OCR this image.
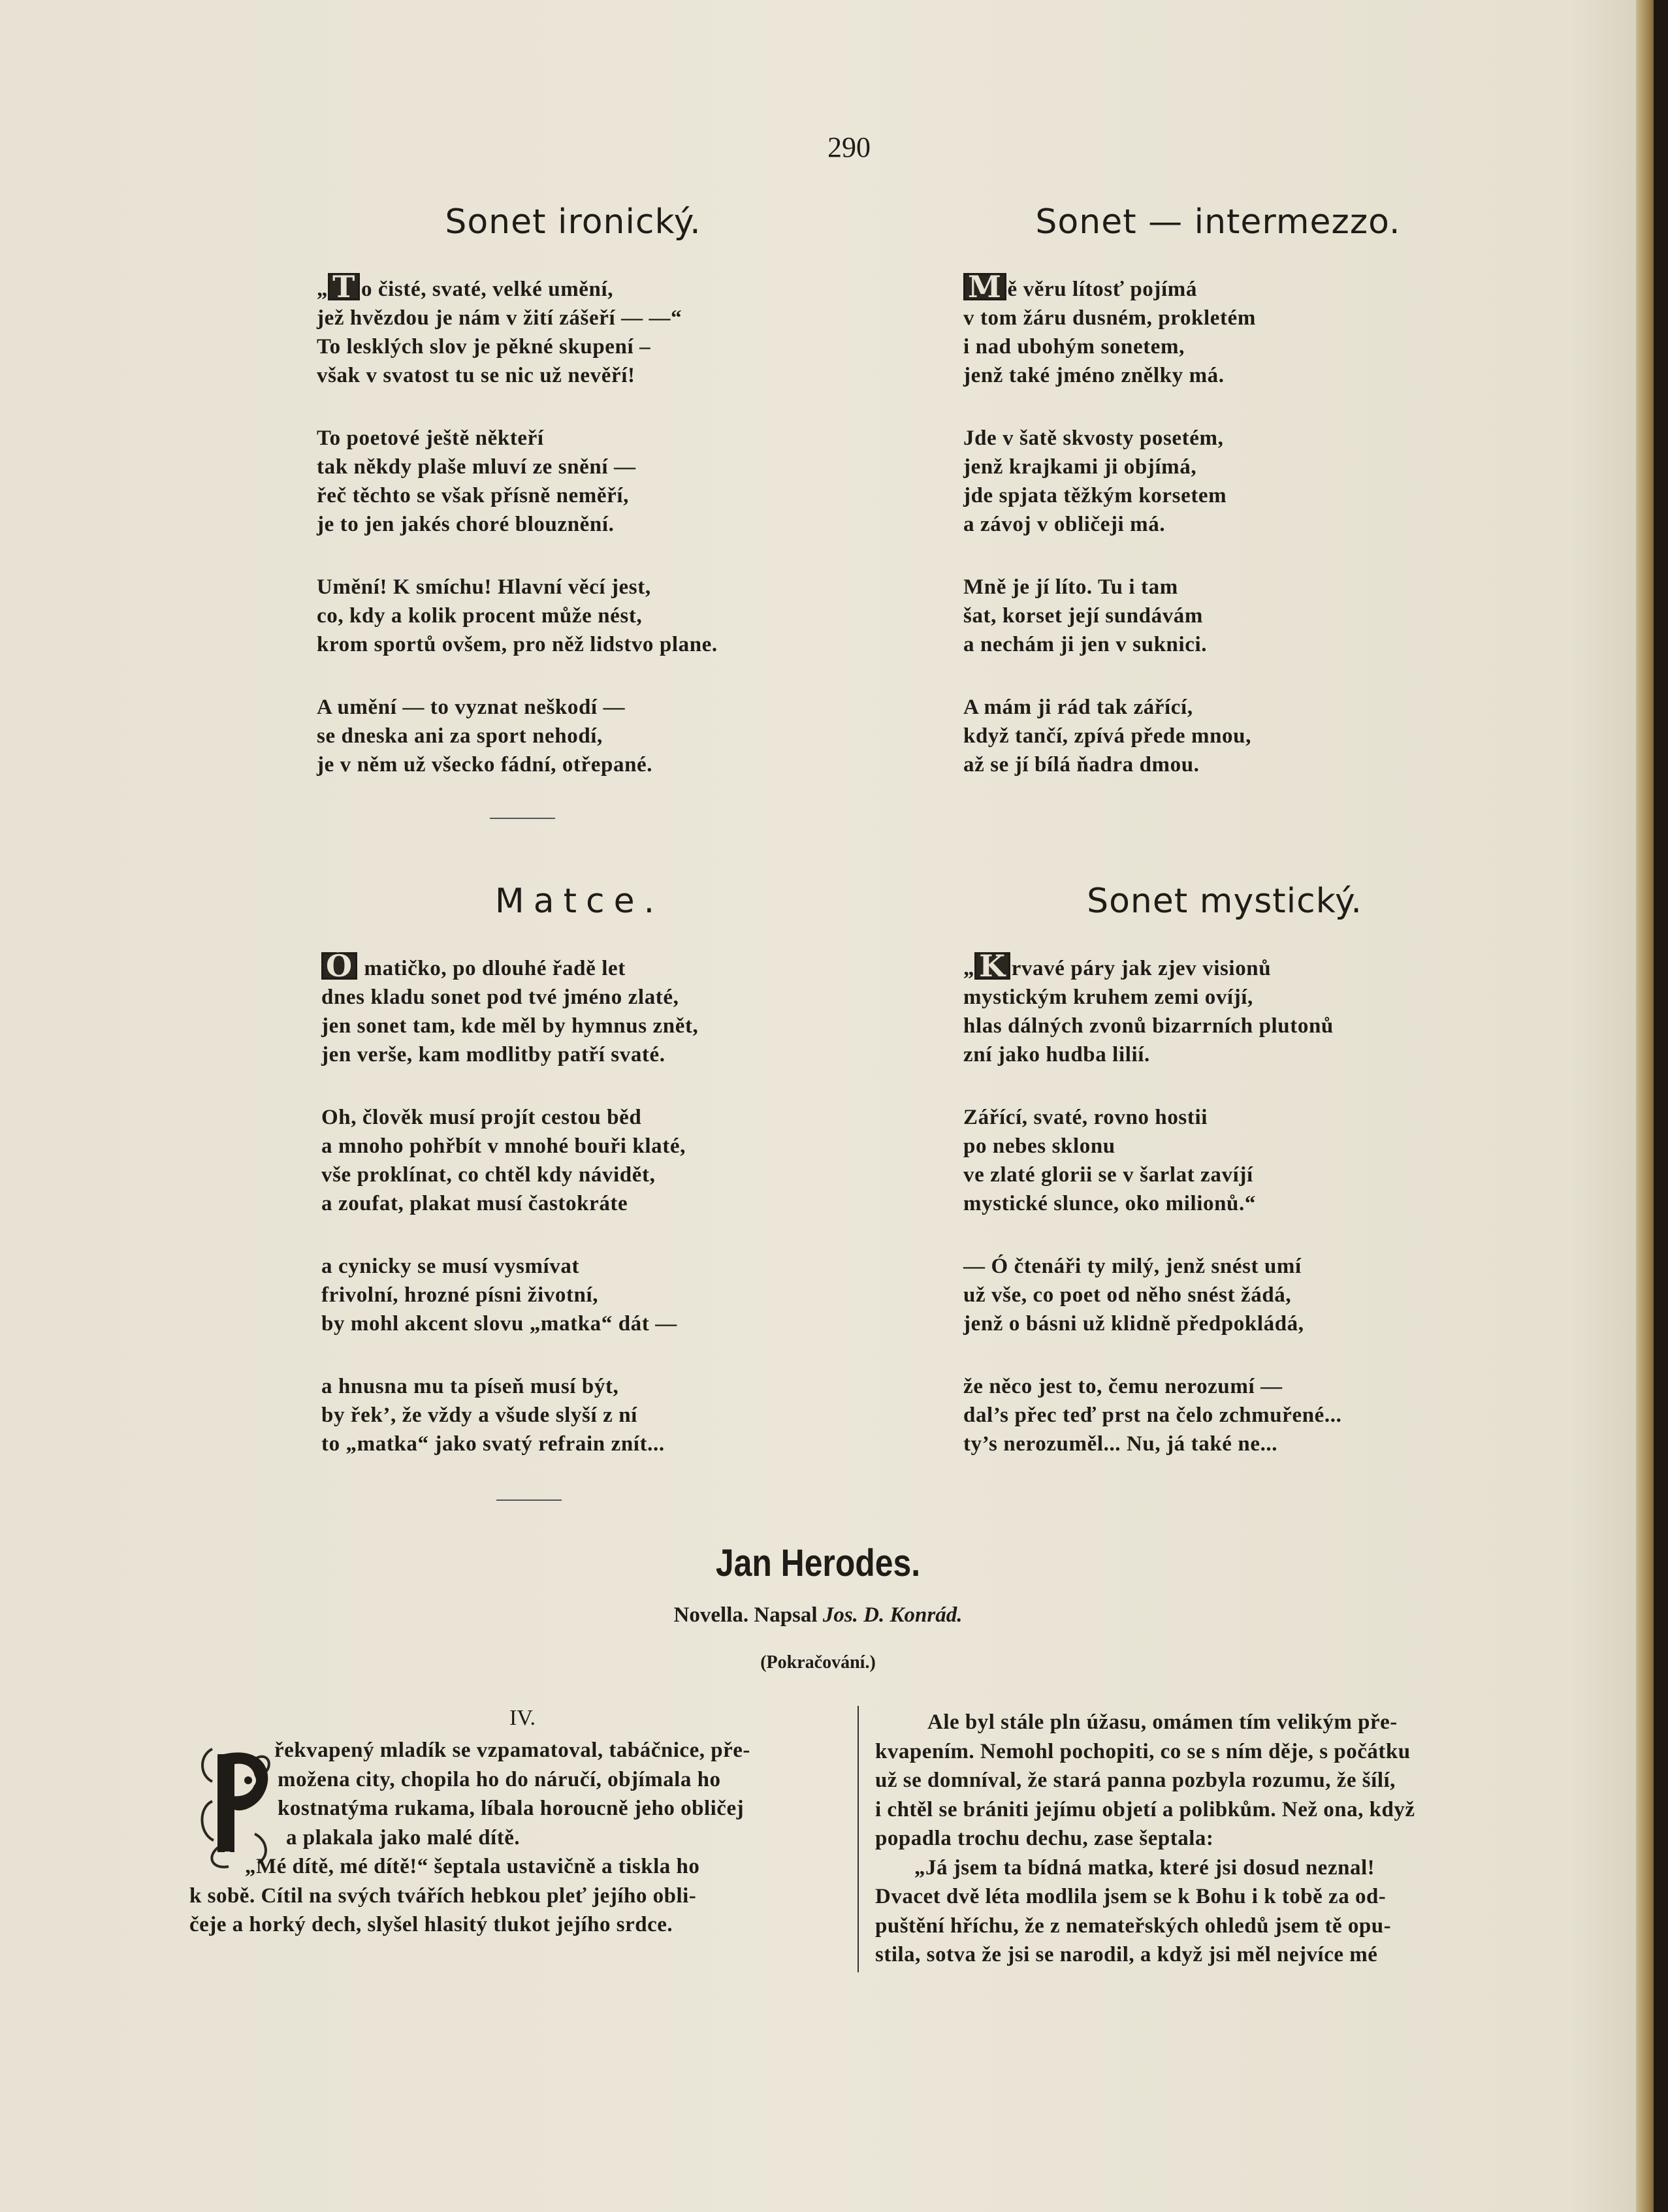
290
Sonet ironický.
„ T o čisté, svaté, velké umění,
jež hvězdou je nám v žití zášeří — —“
To lesklých slov je pěkné skupení –
však v svatost tu se nic už nevěří!
To poetové ještě někteří
tak někdy plaše mluví ze snění —
řeč těchto se však přísně neměří,
je to jen jakés choré blouznění.
Umění! K smíchu! Hlavní věcí jest,
co, kdy a kolik procent může nést,
krom sportů ovšem, pro něž lidstvo plane.
A umění — to vyznat neškodí —
se dneska ani za sport nehodí,
je v něm už všecko fádní, otřepané.
Sonet — intermezzo.
M ě věru lítosť pojímá
v tom žáru dusném, prokletém
i nad ubohým sonetem,
jenž také jméno znělky má.
Jde v šatě skvosty posetém,
jenž krajkami ji objímá,
jde spjata těžkým korsetem
a závoj v obličeji má.
Mně je jí líto. Tu i tam
šat, korset její sundávám
a nechám ji jen v suknici.
A mám ji rád tak zářící,
když tančí, zpívá přede mnou,
až se jí bílá ňadra dmou.
Matce.
Ó matičko, po dlouhé řadě let
dnes kladu sonet pod tvé jméno zlaté,
jen sonet tam, kde měl by hymnus znět,
jen verše, kam modlitby patří svaté.
Oh, člověk musí projít cestou běd
a mnoho pohřbít v mnohé bouři klaté,
vše proklínat, co chtěl kdy návidět,
a zoufat, plakat musí častokráte
a cynicky se musí vysmívat
frivolní, hrozné písni životní,
by mohl akcent slovu „matka“ dát —
a hnusna mu ta píseň musí být,
by řek’, že vždy a všude slyší z ní
to „matka“ jako svatý refrain znít...
Sonet mystický.
„ K rvavé páry jak zjev visionů
mystickým kruhem zemi ovíjí,
hlas dálných zvonů bizarrních plutonů
zní jako hudba lilií.
Zářící, svaté, rovno hostii
po nebes sklonu
ve zlaté glorii se v šarlat zavíjí
mystické slunce, oko milionů.“
— Ó čtenáři ty milý, jenž snést umí
už vše, co poet od něho snést žádá,
jenž o básni už klidně předpokládá,
že něco jest to, čemu nerozumí —
dal’s přec teď prst na čelo zchmuřené...
ty’s nerozuměl... Nu, já také ne...
Jan Herodes.
Novella. Napsal Jos. D. Konrád.
(Pokračování.)
IV.
P
řekvapený mladík se vzpamatoval, tabáčnice, pře-
možena city, chopila ho do náručí, objímala ho
kostnatýma rukama, líbala horoucně jeho obličej
a plakala jako malé dítě.
„Mé dítě, mé dítě!“ šeptala ustavičně a tiskla ho
k sobě. Cítil na svých tvářích hebkou pleť jejího obli-
čeje a horký dech, slyšel hlasitý tlukot jejího srdce.
Ale byl stále pln úžasu, omámen tím velikým pře-
kvapením. Nemohl pochopiti, co se s ním děje, s počátku
už se domníval, že stará panna pozbyla rozumu, že šílí,
i chtěl se brániti jejímu objetí a polibkům. Než ona, když
popadla trochu dechu, zase šeptala:
„Já jsem ta bídná matka, které jsi dosud neznal!
Dvacet dvě léta modlila jsem se k Bohu i k tobě za od-
puštění hříchu, že z nemateřských ohledů jsem tě opu-
stila, sotva že jsi se narodil, a když jsi měl nejvíce mé
